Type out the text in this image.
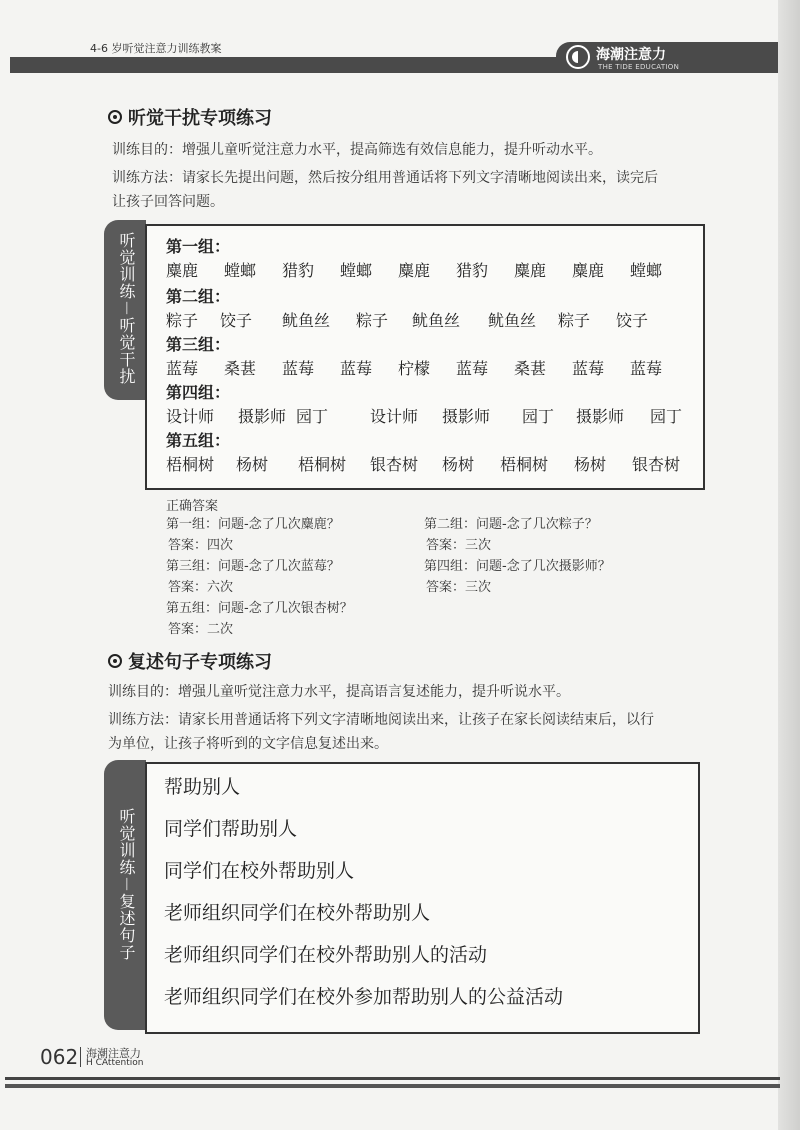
4-6 岁听觉注意力训练教案	海潮注意力
THE TIDE EDUCATION
听觉干扰专项练习
训练目的：增强儿童听觉注意力水平，提高筛选有效信息能力，提升听动水平。
训练方法：请家长先提出问题，然后按分组用普通话将下列文字清晰地阅读出来，读完后
让孩子回答问题。
听觉训练－听觉干扰 第一组：
麋鹿 螳螂 猎豹 螳螂 麋鹿 猎豹 麋鹿 麋鹿 螳螂
第二组：
粽子 饺子 鱿鱼丝 粽子 鱿鱼丝 鱿鱼丝 粽子 饺子
第三组：
蓝莓 桑葚 蓝莓 蓝莓 柠檬 蓝莓 桑葚 蓝莓 蓝莓
第四组：
设计师 摄影师 园丁	设计师 摄影师 园丁 摄影师 园丁
第五组：
梧桐树 杨树 梧桐树 银杏树 杨树 梧桐树 杨树 银杏树
正确答案
第一组：问题-念了几次麋鹿？
答案：四次
第二组：问题-念了几次粽子？
答案：三次
第三组：问题-念了几次蓝莓？
答案：六次
第四组：问题-念了几次摄影师？
答案：三次
第五组：问题-念了几次银杏树？
答案：二次
复述句子专项练习
训练目的：增强儿童听觉注意力水平，提高语言复述能力，提升听说水平。
训练方法：请家长用普通话将下列文字清晰地阅读出来，让孩子在家长阅读结束后，以行
为单位，让孩子将听到的文字信息复述出来。
听觉训练－复述句子
帮助别人
同学们帮助别人
同学们在校外帮助别人
老师组织同学们在校外帮助别人
老师组织同学们在校外帮助别人的活动
老师组织同学们在校外参加帮助别人的公益活动
062 海潮注意力
H CAttention
